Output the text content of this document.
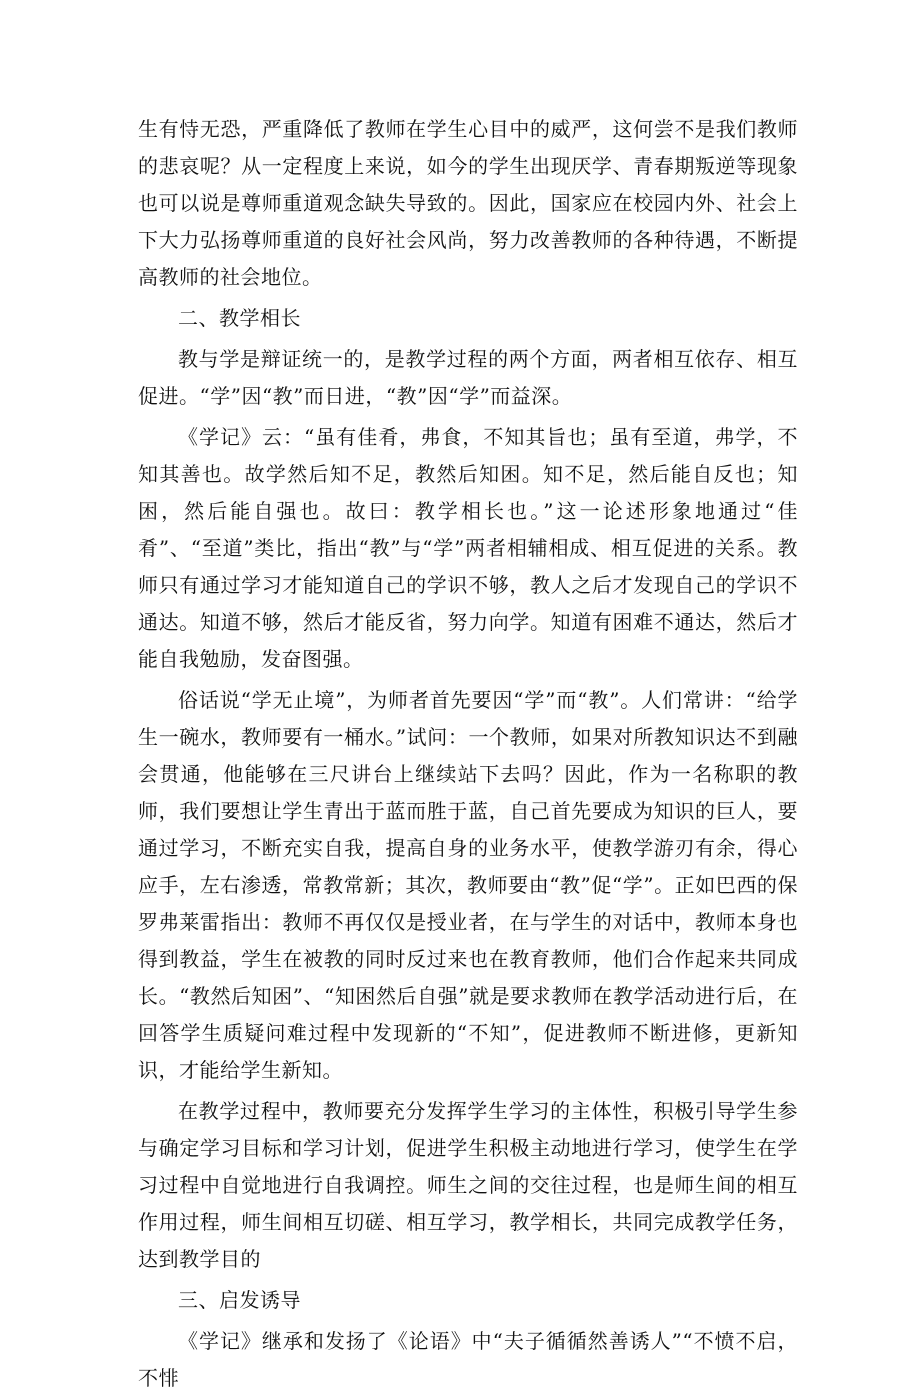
生有恃无恐，严重降低了教师在学生心目中的威严，这何尝不是我们教师的悲哀呢？从一定程度上来说，如今的学生出现厌学、青春期叛逆等现象也可以说是尊师重道观念缺失导致的。因此，国家应在校园内外、社会上下大力弘扬尊师重道的良好社会风尚，努力改善教师的各种待遇，不断提高教师的社会地位。

二、教学相长

教与学是辩证统一的，是教学过程的两个方面，两者相互依存、相互促进。“学”因“教”而日进，“教”因“学”而益深。

《学记》云：“虽有佳肴，弗食，不知其旨也；虽有至道，弗学，不知其善也。故学然后知不足，教然后知困。知不足，然后能自反也；知困，然后能自强也。故曰：教学相长也。”这一论述形象地通过“佳肴”、“至道”类比，指出“教”与“学”两者相辅相成、相互促进的关系。教师只有通过学习才能知道自己的学识不够，教人之后才发现自己的学识不通达。知道不够，然后才能反省，努力向学。知道有困难不通达，然后才能自我勉励，发奋图强。

俗话说“学无止境”，为师者首先要因“学”而“教”。人们常讲：“给学生一碗水，教师要有一桶水。”试问：一个教师，如果对所教知识达不到融会贯通，他能够在三尺讲台上继续站下去吗？因此，作为一名称职的教师，我们要想让学生青出于蓝而胜于蓝，自己首先要成为知识的巨人，要通过学习，不断充实自我，提高自身的业务水平，使教学游刃有余，得心应手，左右渗透，常教常新；其次，教师要由“教”促“学”。正如巴西的保罗弗莱雷指出：教师不再仅仅是授业者，在与学生的对话中，教师本身也得到教益，学生在被教的同时反过来也在教育教师，他们合作起来共同成长。“教然后知困”、“知困然后自强”就是要求教师在教学活动进行后，在回答学生质疑问难过程中发现新的“不知”，促进教师不断进修，更新知识，才能给学生新知。

在教学过程中，教师要充分发挥学生学习的主体性，积极引导学生参与确定学习目标和学习计划，促进学生积极主动地进行学习，使学生在学习过程中自觉地进行自我调控。师生之间的交往过程，也是师生间的相互作用过程，师生间相互切磋、相互学习，教学相长，共同完成教学任务，达到教学目的

三、启发诱导

《学记》继承和发扬了《论语》中“夫子循循然善诱人”“不愤不启， 不悱
